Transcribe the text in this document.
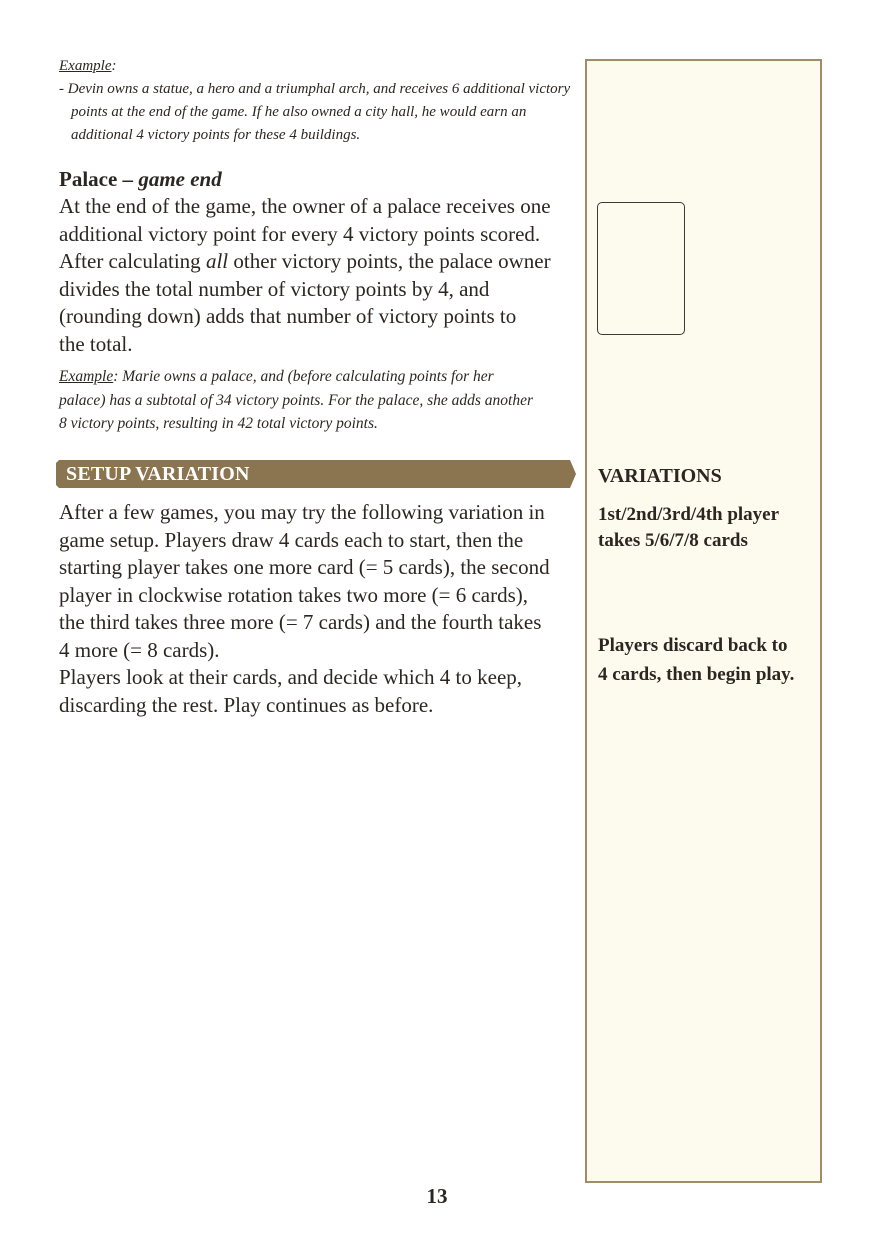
Example:
- Devin owns a statue, a hero and a triumphal arch, and receives 6 additional victory points at the end of the game. If he also owned a city hall, he would earn an additional 4 victory points for these 4 buildings.
Palace – game end
At the end of the game, the owner of a palace receives one
additional victory point for every 4 victory points scored.
After calculating all other victory points, the palace owner
divides the total number of victory points by 4, and
(rounding down) adds that number of victory points to
the total.
Example: Marie owns a palace, and (before calculating points for her
palace) has a subtotal of 34 victory points. For the palace, she adds another
8 victory points, resulting in 42 total victory points.
SETUP VARIATION
After a few games, you may try the following variation in
game setup. Players draw 4 cards each to start, then the
starting player takes one more card (= 5 cards), the second
player in clockwise rotation takes two more (= 6 cards),
the third takes three more (= 7 cards) and the fourth takes
4 more (= 8 cards).
Players look at their cards, and decide which 4 to keep,
discarding the rest. Play continues as before.
VARIATIONS
1st/2nd/3rd/4th player
takes 5/6/7/8 cards
Players discard back to
4 cards, then begin play.
13
